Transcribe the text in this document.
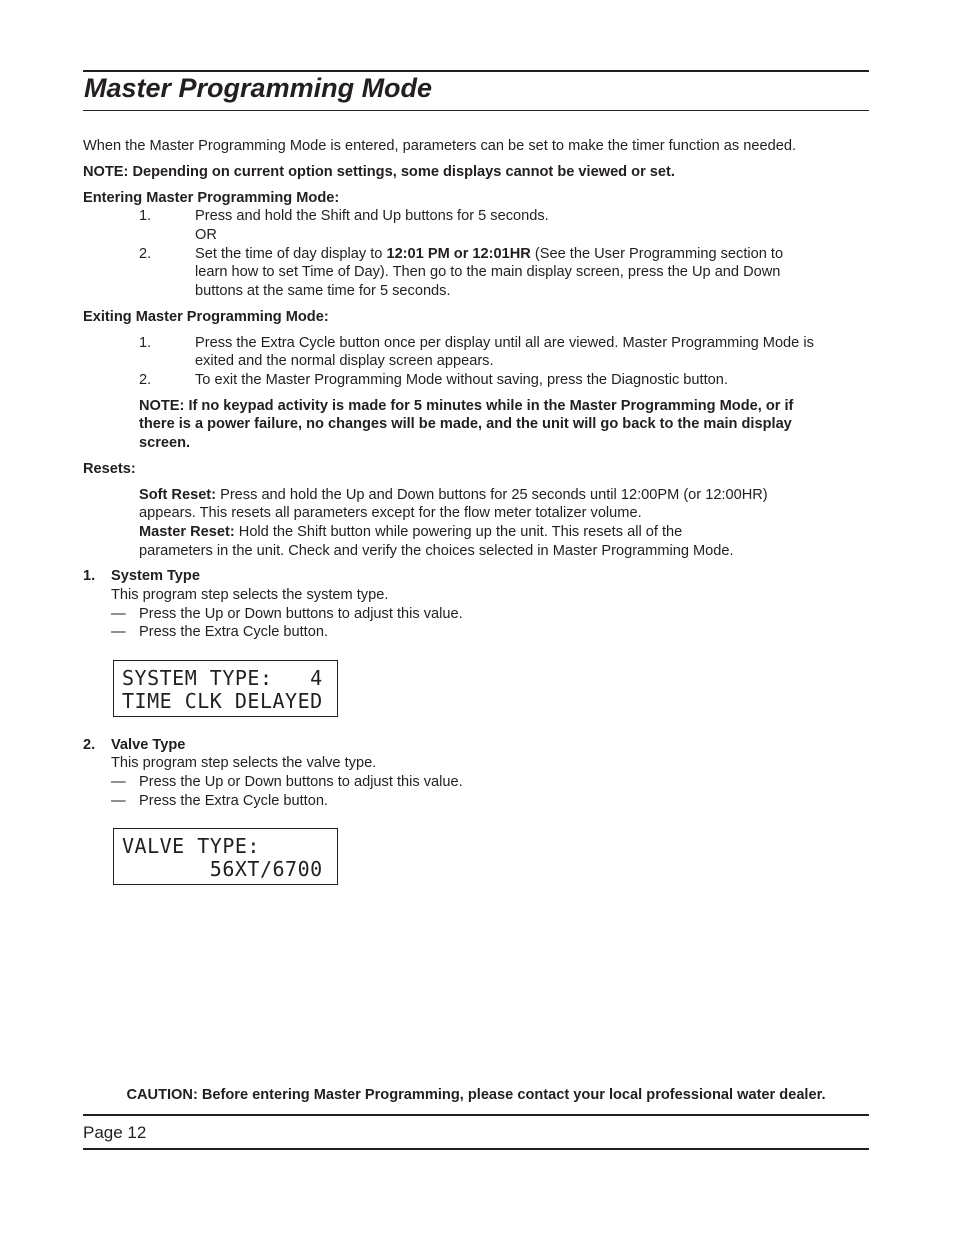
Master Programming Mode
When the Master Programming Mode is entered, parameters can be set to make the timer function as needed.
NOTE: Depending on current option settings, some displays cannot be viewed or set.
Entering Master Programming Mode:
1.	Press and hold the Shift and Up buttons for 5 seconds.
OR
2.	Set the time of day display to 12:01 PM or 12:01HR (See the User Programming section to
learn how to set Time of Day). Then go to the main display screen, press the Up and Down
buttons at the same time for 5 seconds.
Exiting Master Programming Mode:
1.	Press the Extra Cycle button once per display until all are viewed. Master Programming Mode is
exited and the normal display screen appears.
2.	To exit the Master Programming Mode without saving, press the Diagnostic button.
NOTE: If no keypad activity is made for 5 minutes while in the Master Programming Mode, or if
there is a power failure, no changes will be made, and the unit will go back to the main display
screen.
Resets:
Soft Reset: Press and hold the Up and Down buttons for 25 seconds until 12:00PM (or 12:00HR)
appears. This resets all parameters except for the flow meter totalizer volume.
Master Reset: Hold the Shift button while powering up the unit. This resets all of the
parameters in the unit. Check and verify the choices selected in Master Programming Mode.
1. System Type
This program step selects the system type.
— Press the Up or Down buttons to adjust this value.
— Press the Extra Cycle button.
SYSTEM TYPE:   4
TIME CLK DELAYED
2. Valve Type
This program step selects the valve type.
— Press the Up or Down buttons to adjust this value.
— Press the Extra Cycle button.
VALVE TYPE:
56XT/6700
CAUTION: Before entering Master Programming, please contact your local professional water dealer.
Page 12
